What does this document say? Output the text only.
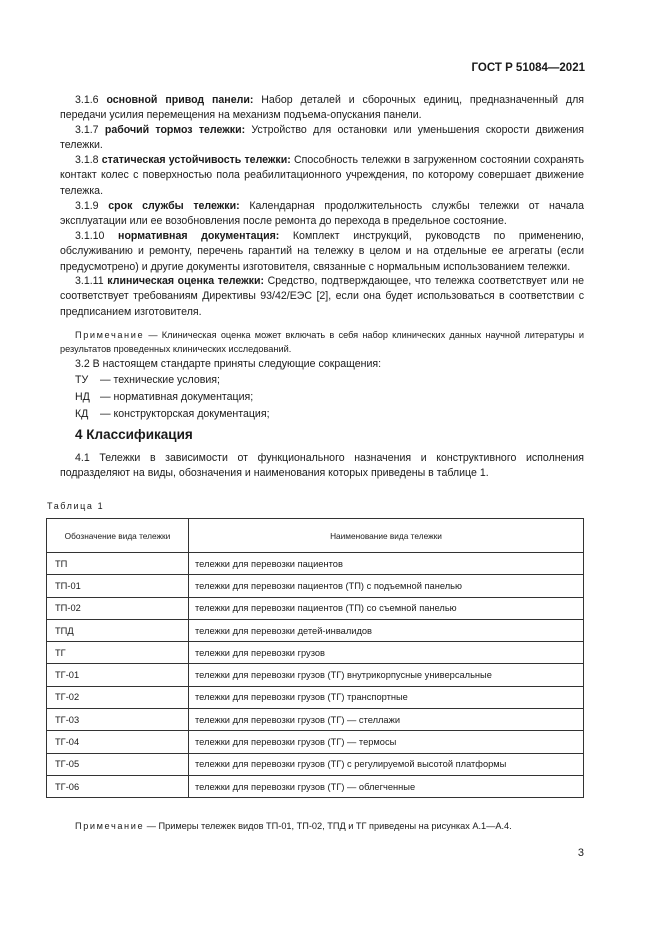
ГОСТ Р 51084—2021
3.1.6 основной привод панели: Набор деталей и сборочных единиц, предназначенный для передачи усилия перемещения на механизм подъема-опускания панели.
3.1.7 рабочий тормоз тележки: Устройство для остановки или уменьшения скорости движения тележки.
3.1.8 статическая устойчивость тележки: Способность тележки в загруженном состоянии сохранять контакт колес с поверхностью пола реабилитационного учреждения, по которому совершает движение тележка.
3.1.9 срок службы тележки: Календарная продолжительность службы тележки от начала эксплуатации или ее возобновления после ремонта до перехода в предельное состояние.
3.1.10 нормативная документация: Комплект инструкций, руководств по применению, обслуживанию и ремонту, перечень гарантий на тележку в целом и на отдельные ее агрегаты (если предусмотрено) и другие документы изготовителя, связанные с нормальным использованием тележки.
3.1.11 клиническая оценка тележки: Средство, подтверждающее, что тележка соответствует или не соответствует требованиям Директивы 93/42/ЕЭС [2], если она будет использоваться в соответствии с предписанием изготовителя.
Примечание — Клиническая оценка может включать в себя набор клинических данных научной литературы и результатов проведенных клинических исследований.
3.2 В настоящем стандарте приняты следующие сокращения:
ТУ — технические условия;
НД — нормативная документация;
КД — конструкторская документация;
4 Классификация
4.1 Тележки в зависимости от функционального назначения и конструктивного исполнения подразделяют на виды, обозначения и наименования которых приведены в таблице 1.
Таблица 1
Обозначение вида тележки	Наименование вида тележки
ТП	тележки для перевозки пациентов
ТП-01	тележки для перевозки пациентов (ТП) с подъемной панелью
ТП-02	тележки для перевозки пациентов (ТП) со съемной панелью
ТПД	тележки для перевозки детей-инвалидов
ТГ	тележки для перевозки грузов
ТГ-01	тележки для перевозки грузов (ТГ) внутрикорпусные универсальные
ТГ-02	тележки для перевозки грузов (ТГ) транспортные
ТГ-03	тележки для перевозки грузов (ТГ) — стеллажи
ТГ-04	тележки для перевозки грузов (ТГ) — термосы
ТГ-05	тележки для перевозки грузов (ТГ) с регулируемой высотой платформы
ТГ-06	тележки для перевозки грузов (ТГ) — облегченные
Примечание — Примеры тележек видов ТП-01, ТП-02, ТПД и ТГ приведены на рисунках А.1—А.4.
3
